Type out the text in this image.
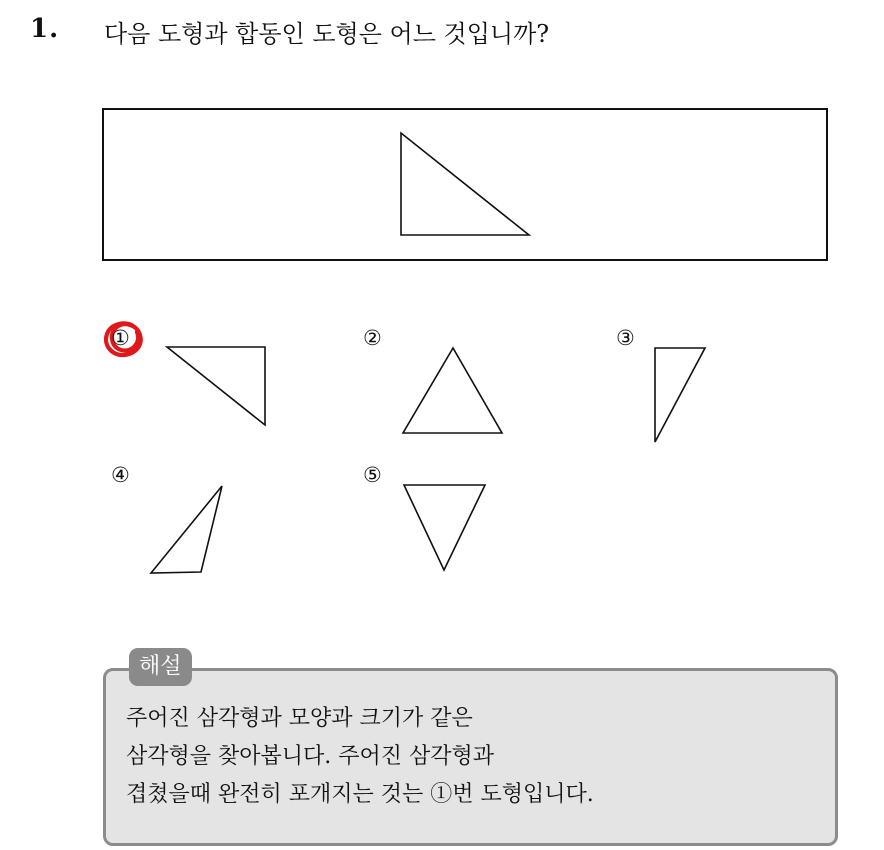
1. 다음 도형과 합동인 도형은 어느 것입니까?
①	②	③
④	⑤
해설
주어진 삼각형과 모양과 크기가 같은
삼각형을 찾아봅니다. 주어진 삼각형과
겹쳤을때 완전히 포개지는 것는 ①번 도형입니다.
